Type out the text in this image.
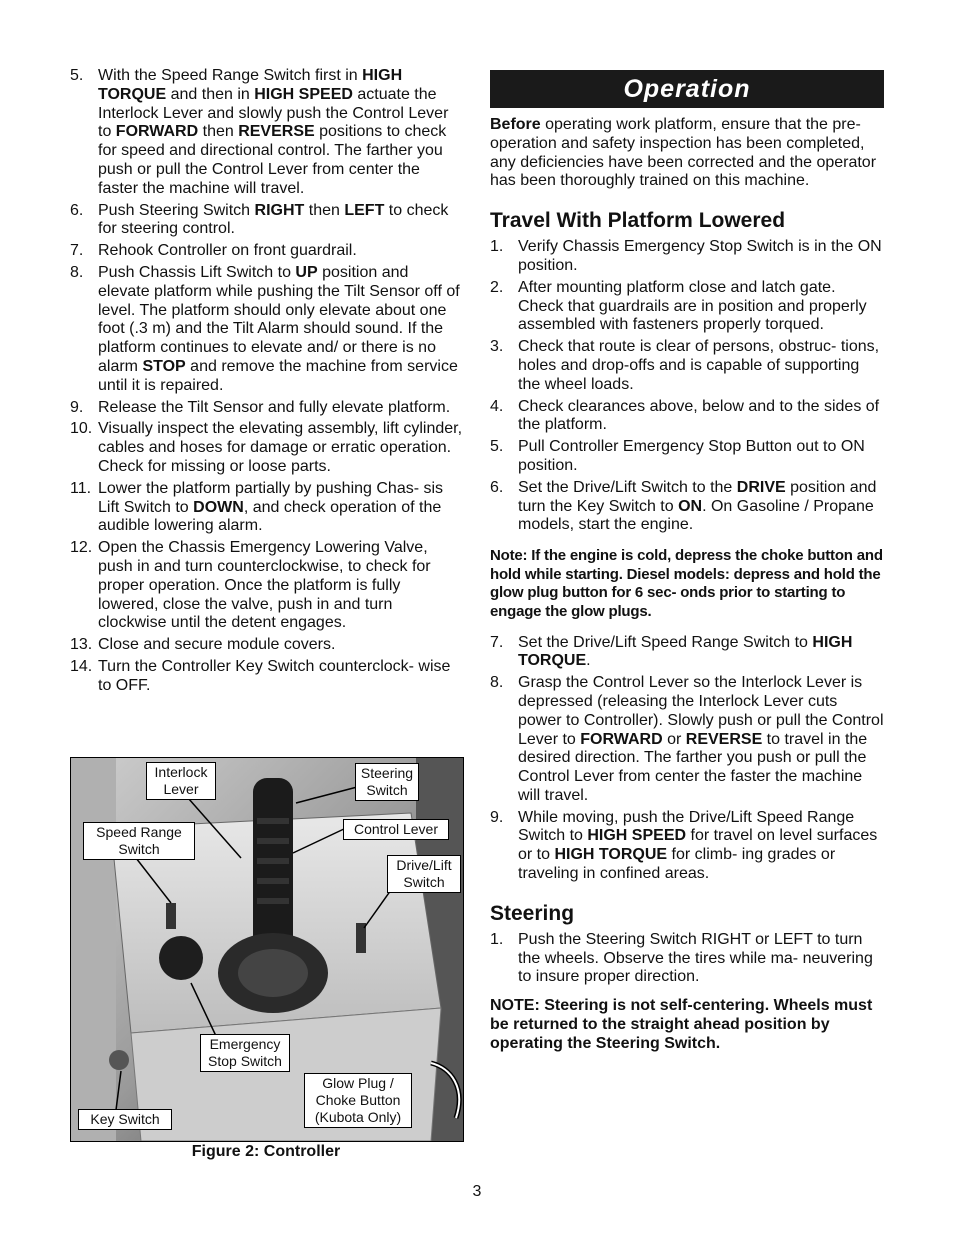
5. With the Speed Range Switch first in HIGH TORQUE and then in HIGH SPEED actuate the Interlock Lever and slowly push the Control Lever to FORWARD then REVERSE positions to check for speed and directional control. The farther you push or pull the Control Lever from center the faster the machine will travel.
6. Push Steering Switch RIGHT then LEFT to check for steering control.
7. Rehook Controller on front guardrail.
8. Push Chassis Lift Switch to UP position and elevate platform while pushing the Tilt Sensor off of level. The platform should only elevate about one foot (.3 m) and the Tilt Alarm should sound. If the platform continues to elevate and/ or there is no alarm STOP and remove the machine from service until it is repaired.
9. Release the Tilt Sensor and fully elevate platform.
10. Visually inspect the elevating assembly, lift cylinder, cables and hoses for damage or erratic operation. Check for missing or loose parts.
11. Lower the platform partially by pushing Chas- sis Lift Switch to DOWN, and check operation of the audible lowering alarm.
12. Open the Chassis Emergency Lowering Valve, push in and turn counterclockwise, to check for proper operation. Once the platform is fully lowered, close the valve, push in and turn clockwise until the detent engages.
13. Close and secure module covers.
14. Turn the Controller Key Switch counterclock- wise to OFF.
Interlock Lever
Steering Switch
Control Lever
Speed Range Switch
Drive/Lift Switch
Emergency Stop Switch
Glow Plug / Choke Button (Kubota Only)
Key Switch
Figure 2: Controller
Operation

Before operating work platform, ensure that the pre-operation and safety inspection has been completed, any deficiencies have been corrected and the operator has been thoroughly trained on this machine.

Travel With Platform Lowered
1. Verify Chassis Emergency Stop Switch is in the ON position.
2. After mounting platform close and latch gate. Check that guardrails are in position and properly assembled with fasteners properly torqued.
3. Check that route is clear of persons, obstruc- tions, holes and drop-offs and is capable of supporting the wheel loads.
4. Check clearances above, below and to the sides of the platform.
5. Pull Controller Emergency Stop Button out to ON position.
6. Set the Drive/Lift Switch to the DRIVE position and turn the Key Switch to ON. On Gasoline / Propane models, start the engine.

Note: If the engine is cold, depress the choke button and hold while starting. Diesel models: depress and hold the glow plug button for 6 sec- onds prior to starting to engage the glow plugs.

7. Set the Drive/Lift Speed Range Switch to HIGH TORQUE.
8. Grasp the Control Lever so the Interlock Lever is depressed (releasing the Interlock Lever cuts power to Controller). Slowly push or pull the Control Lever to FORWARD or REVERSE to travel in the desired direction. The farther you push or pull the Control Lever from center the faster the machine will travel.
9. While moving, push the Drive/Lift Speed Range Switch to HIGH SPEED for travel on level surfaces or to HIGH TORQUE for climb- ing grades or traveling in confined areas.
Steering
1. Push the Steering Switch RIGHT or LEFT to turn the wheels. Observe the tires while ma- neuvering to insure proper direction.

NOTE: Steering is not self-centering. Wheels must be returned to the straight ahead position by operating the Steering Switch.

3
